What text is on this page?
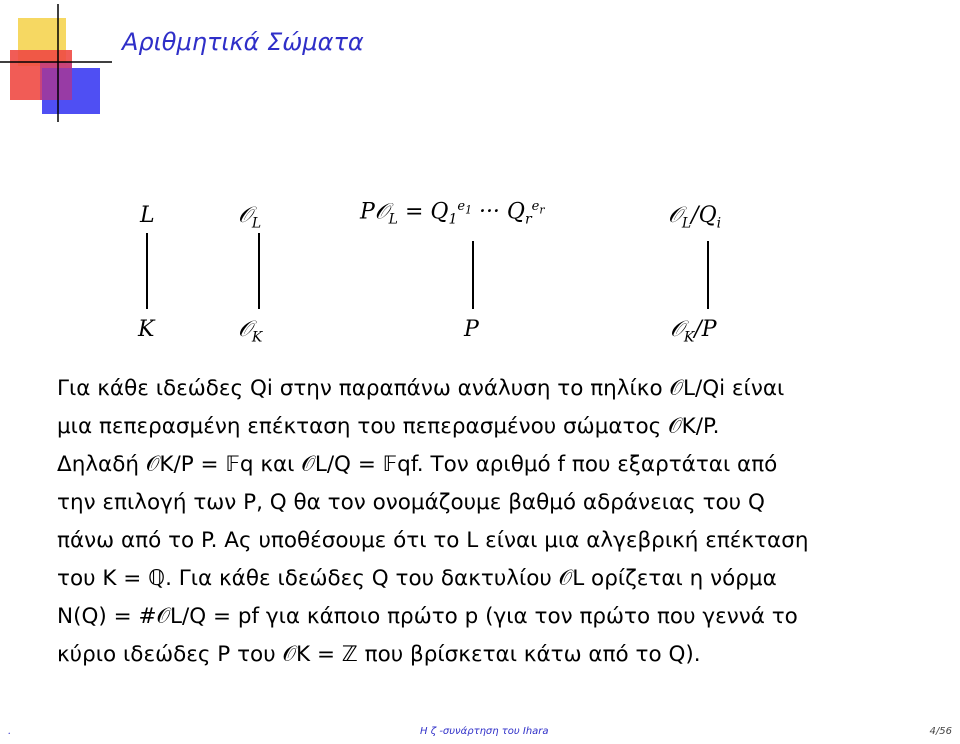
Αριθμητικά Σώματα
L	𝒪$_L$	P𝒪$_L$ = $Q_1^{e_1}$ ··· $Q_r^{e_r}$	$𝒪_L/Q_i$
K	𝒪$_K$	P	𝒪$_K$/P

Για κάθε ιδεώδες Qi στην παραπάνω ανάλυση το πηλίκο 𝒪L/Qi είναι

μια πεπερασμένη επέκταση του πεπερασμένου σώματος 𝒪K/P.

Δηλαδή 𝒪K/P = 𝔽q και 𝒪L/Q = 𝔽qf. Τον αριθμό f που εξαρτάται από

την επιλογή των P, Q θα τον ονομάζουμε βαθμό αδράνειας του Q

πάνω από το P. Ας υποθέσουμε ότι το L είναι μια αλγεβρική επέκταση

του K = ℚ. Για κάθε ιδεώδες Q του δακτυλίου 𝒪L ορίζεται η νόρμα

N(Q) = #𝒪L/Q = pf για κάποιο πρώτο p (για τον πρώτο που γεννά το

κύριο ιδεώδες P του 𝒪K = ℤ που βρίσκεται κάτω από το Q).

.	Η ζ -συνάρτηση του Ihara	4/56
